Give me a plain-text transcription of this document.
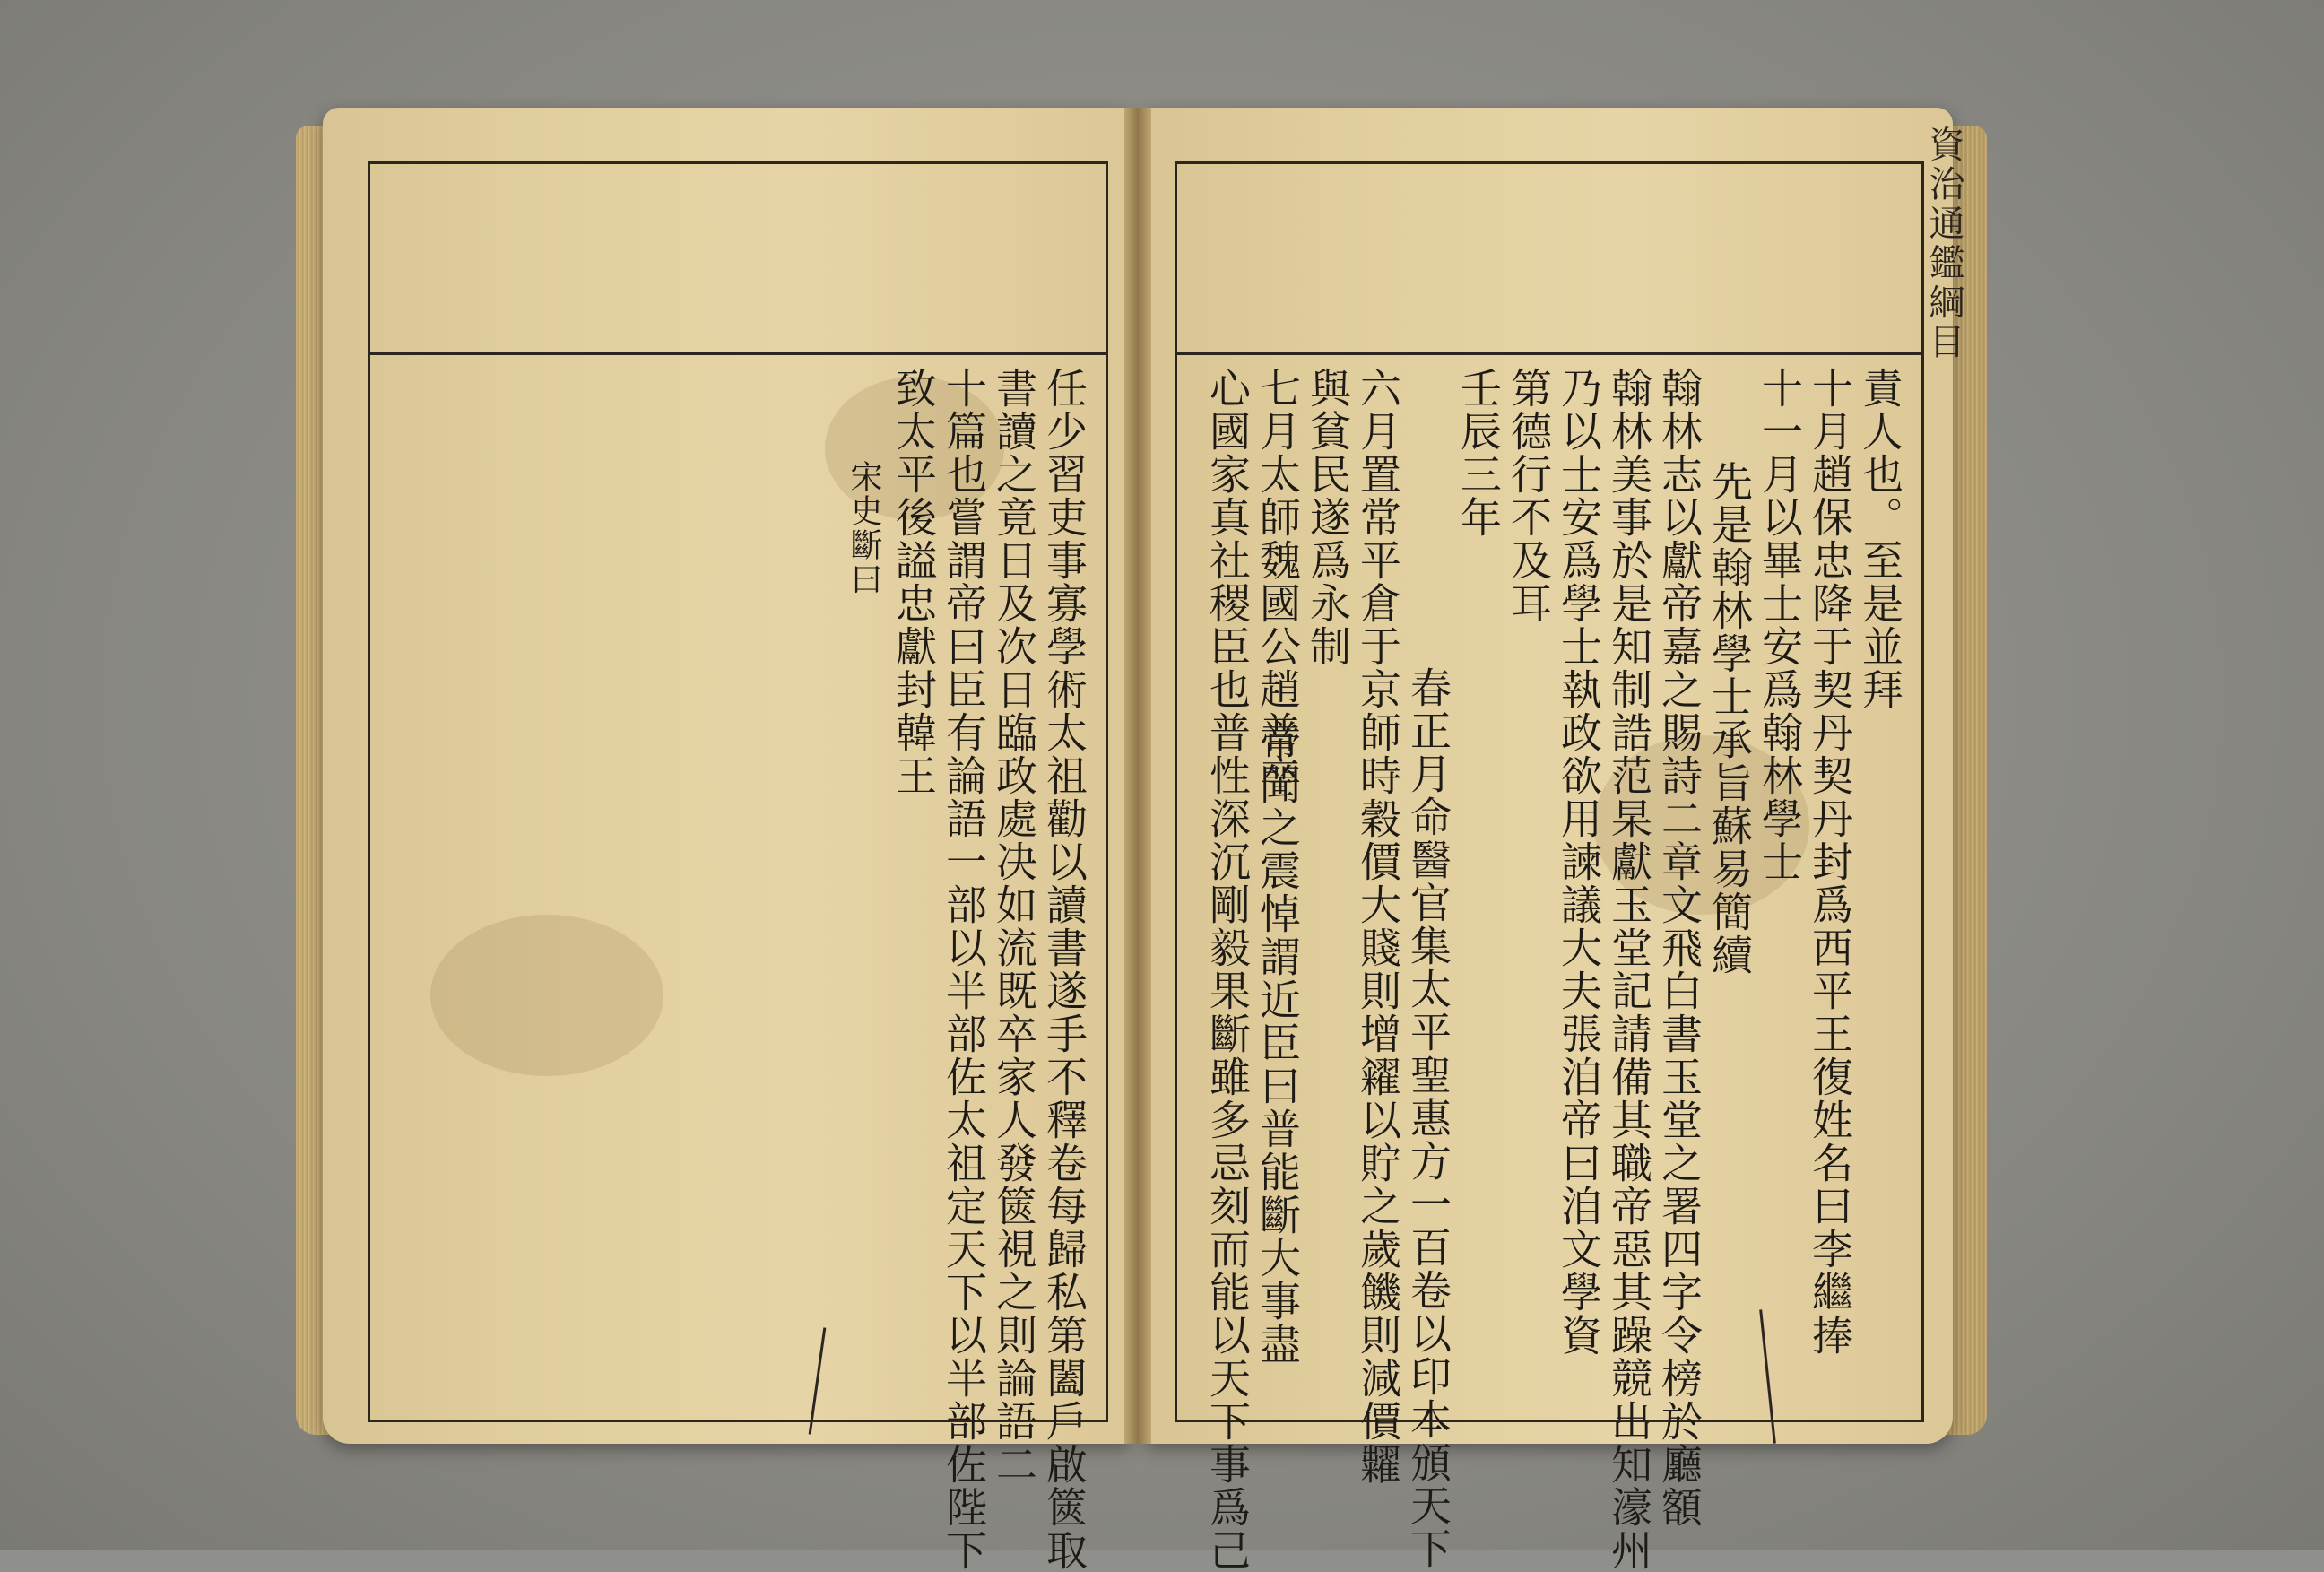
任少習吏事寡學術太祖勸以讀書遂手不釋卷每歸私第闔戶啟篋取
書讀之竟日及次日臨政處决如流既卒家人發篋視之則論語二
十篇也嘗謂帝曰臣有論語一部以半部佐太祖定天下以半部佐陛下
致太平後謚忠獻封韓王
宋史斷曰	責人也。至是並拜
十月趙保忠降于契丹契丹封爲西平王復姓名曰李繼捧
十一月以畢士安爲翰林學士
先是翰林學士承旨蘇易簡續
翰林志以獻帝嘉之賜詩二章文飛白書玉堂之署四字令榜於廳額
翰林美事於是知制誥范杲獻玉堂記請備其職帝惡其躁競出知濠州
乃以士安爲學士執政欲用諫議大夫張洎帝曰洎文學資
第德行不及耳
壬辰三年
春正月命醫官集太平聖惠方一百卷以印本頒天下
六月置常平倉于京師時穀價大賤則增糴以貯之歲饑則減價糶
與貧民遂爲永制
七月太師魏國公趙普卒
帝聞之震悼謂近臣曰普能斷大事盡
心國家真社稷臣也普性深沉剛毅果斷雖多忌刻而能以天下事爲己
資治通鑑綱目
